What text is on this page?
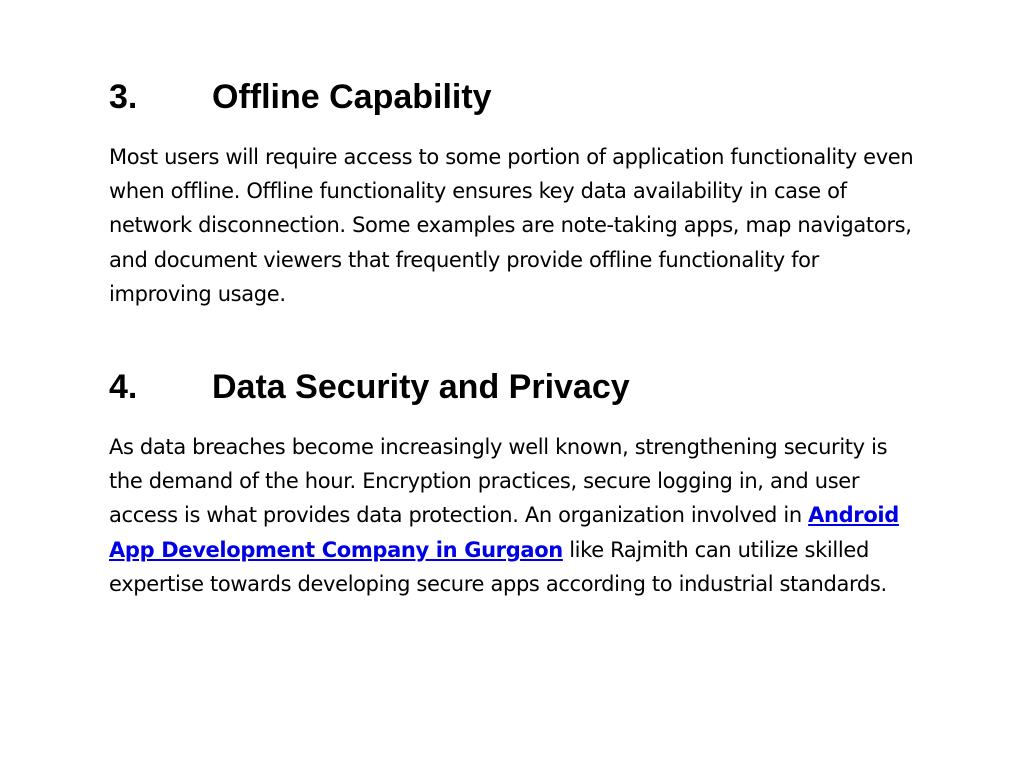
3. Offline Capability

Most users will require access to some portion of application functionality even when offline. Offline functionality ensures key data availability in case of network disconnection. Some examples are note-taking apps, map navigators, and document viewers that frequently provide offline functionality for improving usage.

4. Data Security and Privacy

As data breaches become increasingly well known, strengthening security is the demand of the hour. Encryption practices, secure logging in, and user access is what provides data protection. An organization involved in Android App Development Company in Gurgaon like Rajmith can utilize skilled expertise towards developing secure apps according to industrial standards.
